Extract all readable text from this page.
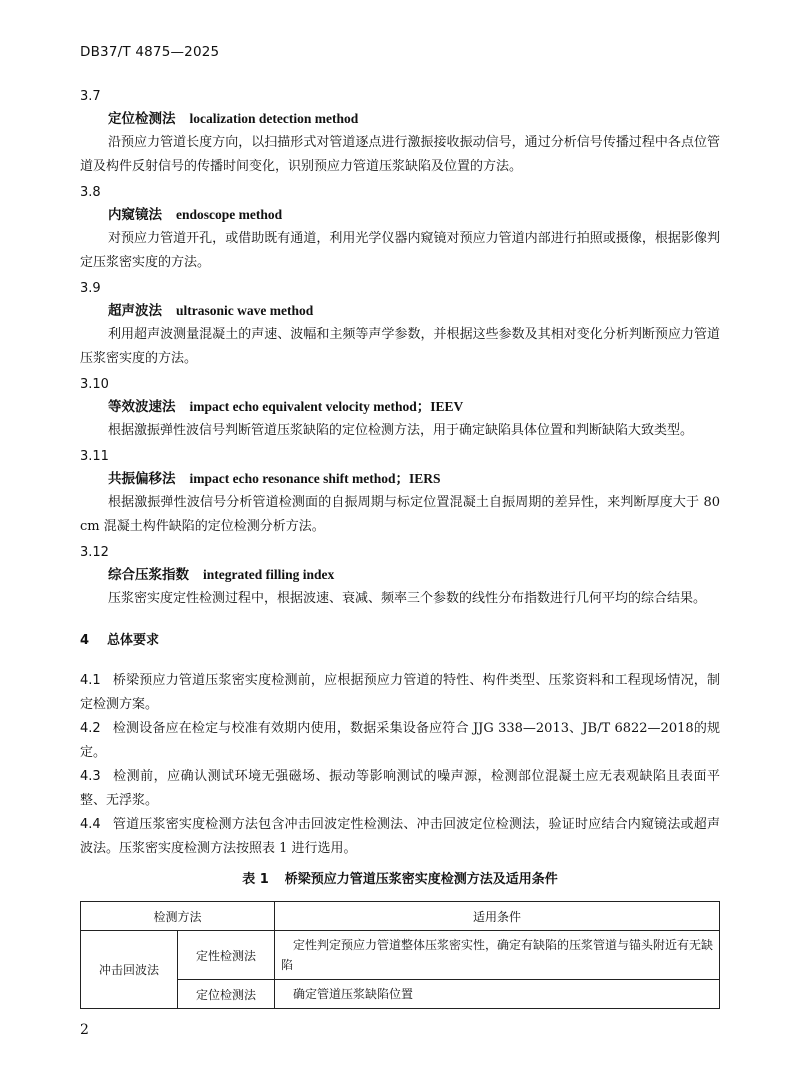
DB37/T 4875—2025
3.7
定位检测法 localization detection method
沿预应力管道长度方向，以扫描形式对管道逐点进行激振接收振动信号，通过分析信号传播过程中各点位管道及构件反射信号的传播时间变化，识别预应力管道压浆缺陷及位置的方法。
3.8
内窥镜法 endoscope method
对预应力管道开孔，或借助既有通道，利用光学仪器内窥镜对预应力管道内部进行拍照或摄像，根据影像判定压浆密实度的方法。
3.9
超声波法 ultrasonic wave method
利用超声波测量混凝土的声速、波幅和主频等声学参数，并根据这些参数及其相对变化分析判断预应力管道压浆密实度的方法。
3.10
等效波速法 impact echo equivalent velocity method；IEEV
根据激振弹性波信号判断管道压浆缺陷的定位检测方法，用于确定缺陷具体位置和判断缺陷大致类型。
3.11
共振偏移法 impact echo resonance shift method；IERS
根据激振弹性波信号分析管道检测面的自振周期与标定位置混凝土自振周期的差异性，来判断厚度大于 80 cm 混凝土构件缺陷的定位检测分析方法。
3.12
综合压浆指数 integrated filling index
压浆密实度定性检测过程中，根据波速、衰减、频率三个参数的线性分布指数进行几何平均的综合结果。
4 总体要求
4.1 桥梁预应力管道压浆密实度检测前，应根据预应力管道的特性、构件类型、压浆资料和工程现场情况，制定检测方案。
4.2 检测设备应在检定与校准有效期内使用，数据采集设备应符合 JJG 338—2013、JB/T 6822—2018的规定。
4.3 检测前，应确认测试环境无强磁场、振动等影响测试的噪声源，检测部位混凝土应无表观缺陷且表面平整、无浮浆。
4.4 管道压浆密实度检测方法包含冲击回波定性检测法、冲击回波定位检测法，验证时应结合内窥镜法或超声波法。压浆密实度检测方法按照表 1 进行选用。
表 1 桥梁预应力管道压浆密实度检测方法及适用条件
检测方法		适用条件
冲击回波法	定性检测法	定性判定预应力管道整体压浆密实性，确定有缺陷的压浆管道与锚头附近有无缺陷
	定位检测法	确定管道压浆缺陷位置
2
